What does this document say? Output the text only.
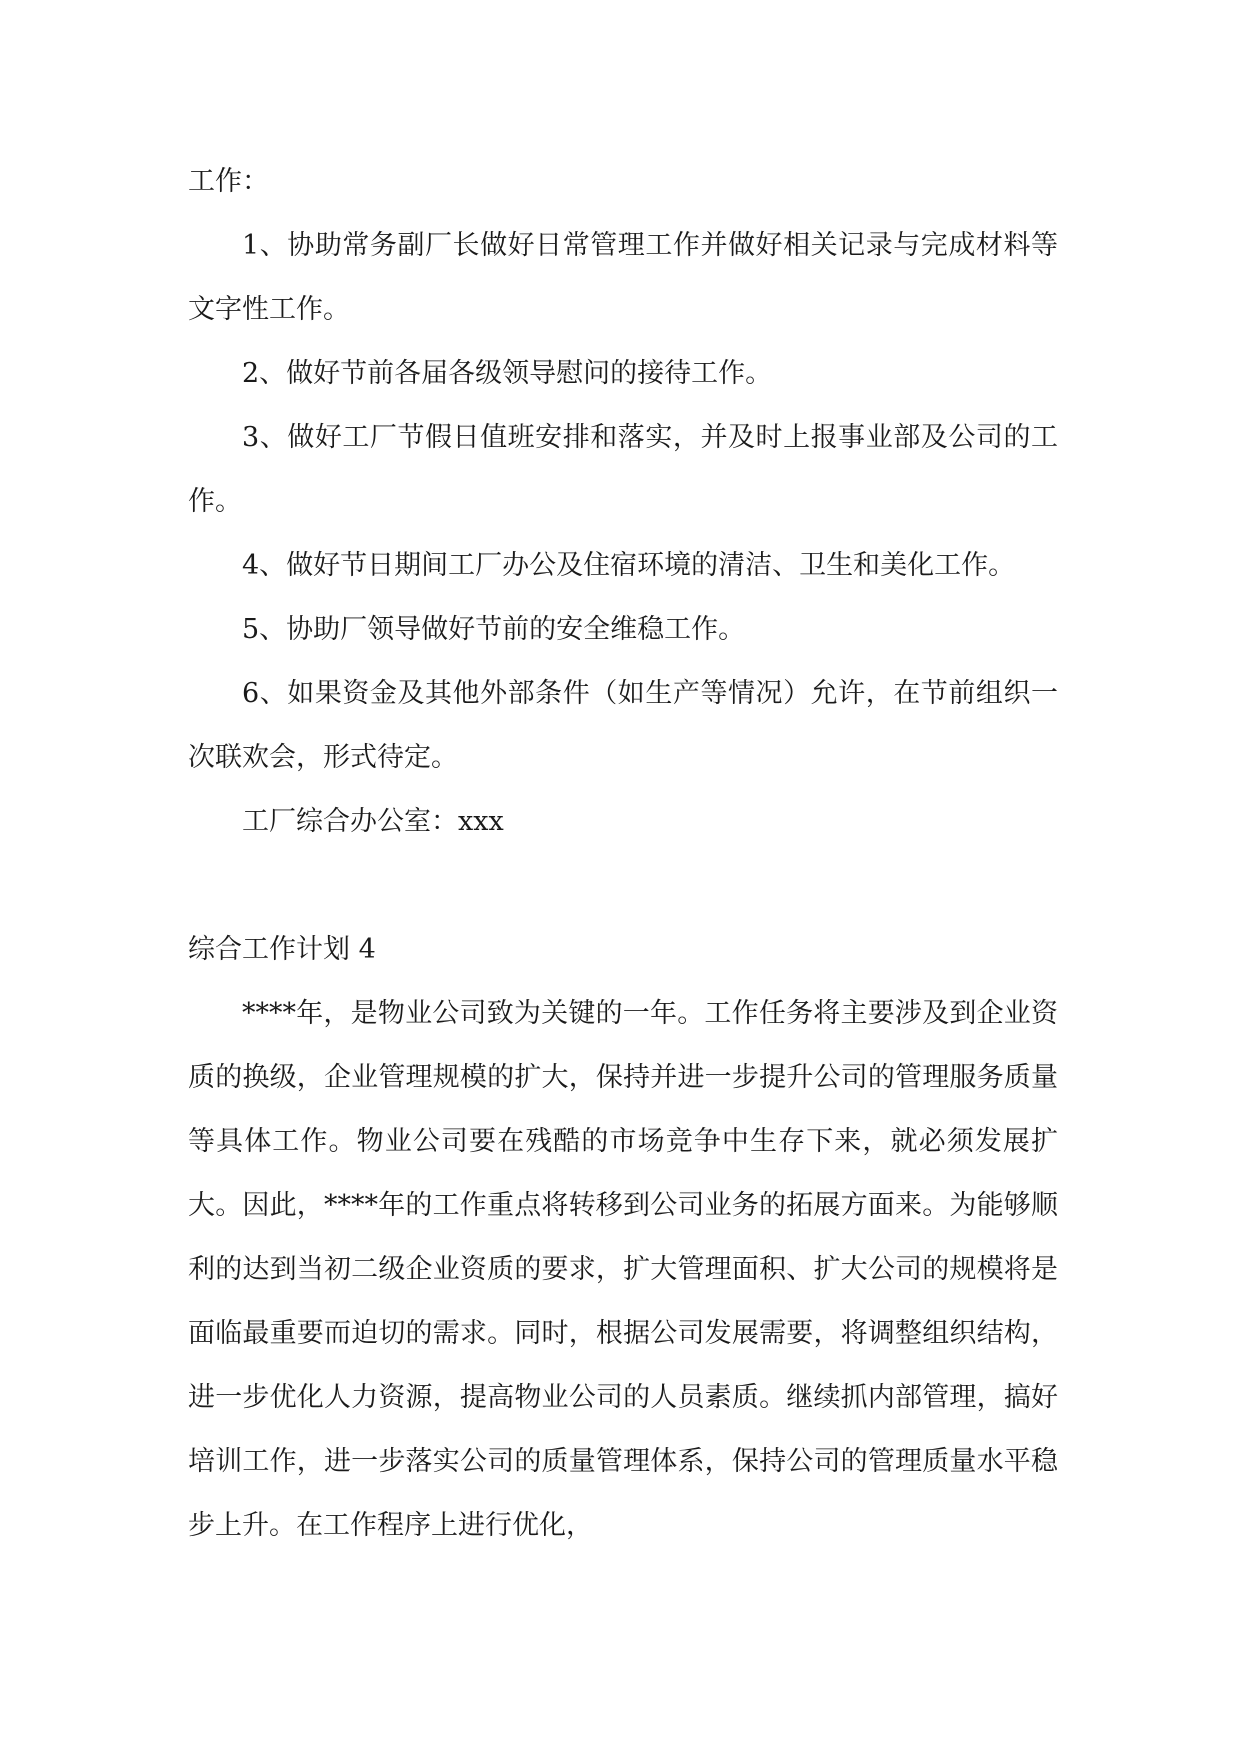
工作：

1、协助常务副厂长做好日常管理工作并做好相关记录与完成材料等文字性工作。

2、做好节前各届各级领导慰问的接待工作。

3、做好工厂节假日值班安排和落实，并及时上报事业部及公司的工作。

4、做好节日期间工厂办公及住宿环境的清洁、卫生和美化工作。

5、协助厂领导做好节前的安全维稳工作。

6、如果资金及其他外部条件（如生产等情况）允许，在节前组织一次联欢会，形式待定。

工厂综合办公室：xxx

综合工作计划 4

****年，是物业公司致为关键的一年。工作任务将主要涉及到企业资质的换级，企业管理规模的扩大，保持并进一步提升公司的管理服务质量等具体工作。物业公司要在残酷的市场竞争中生存下来，就必须发展扩大。因此，****年的工作重点将转移到公司业务的拓展方面来。为能够顺利的达到当初二级企业资质的要求，扩大管理面积、扩大公司的规模将是面临最重要而迫切的需求。同时，根据公司发展需要，将调整组织结构，进一步优化人力资源，提高物业公司的人员素质。继续抓内部管理，搞好培训工作，进一步落实公司的质量管理体系，保持公司的管理质量水平稳步上升。在工作程序上进行优化，
